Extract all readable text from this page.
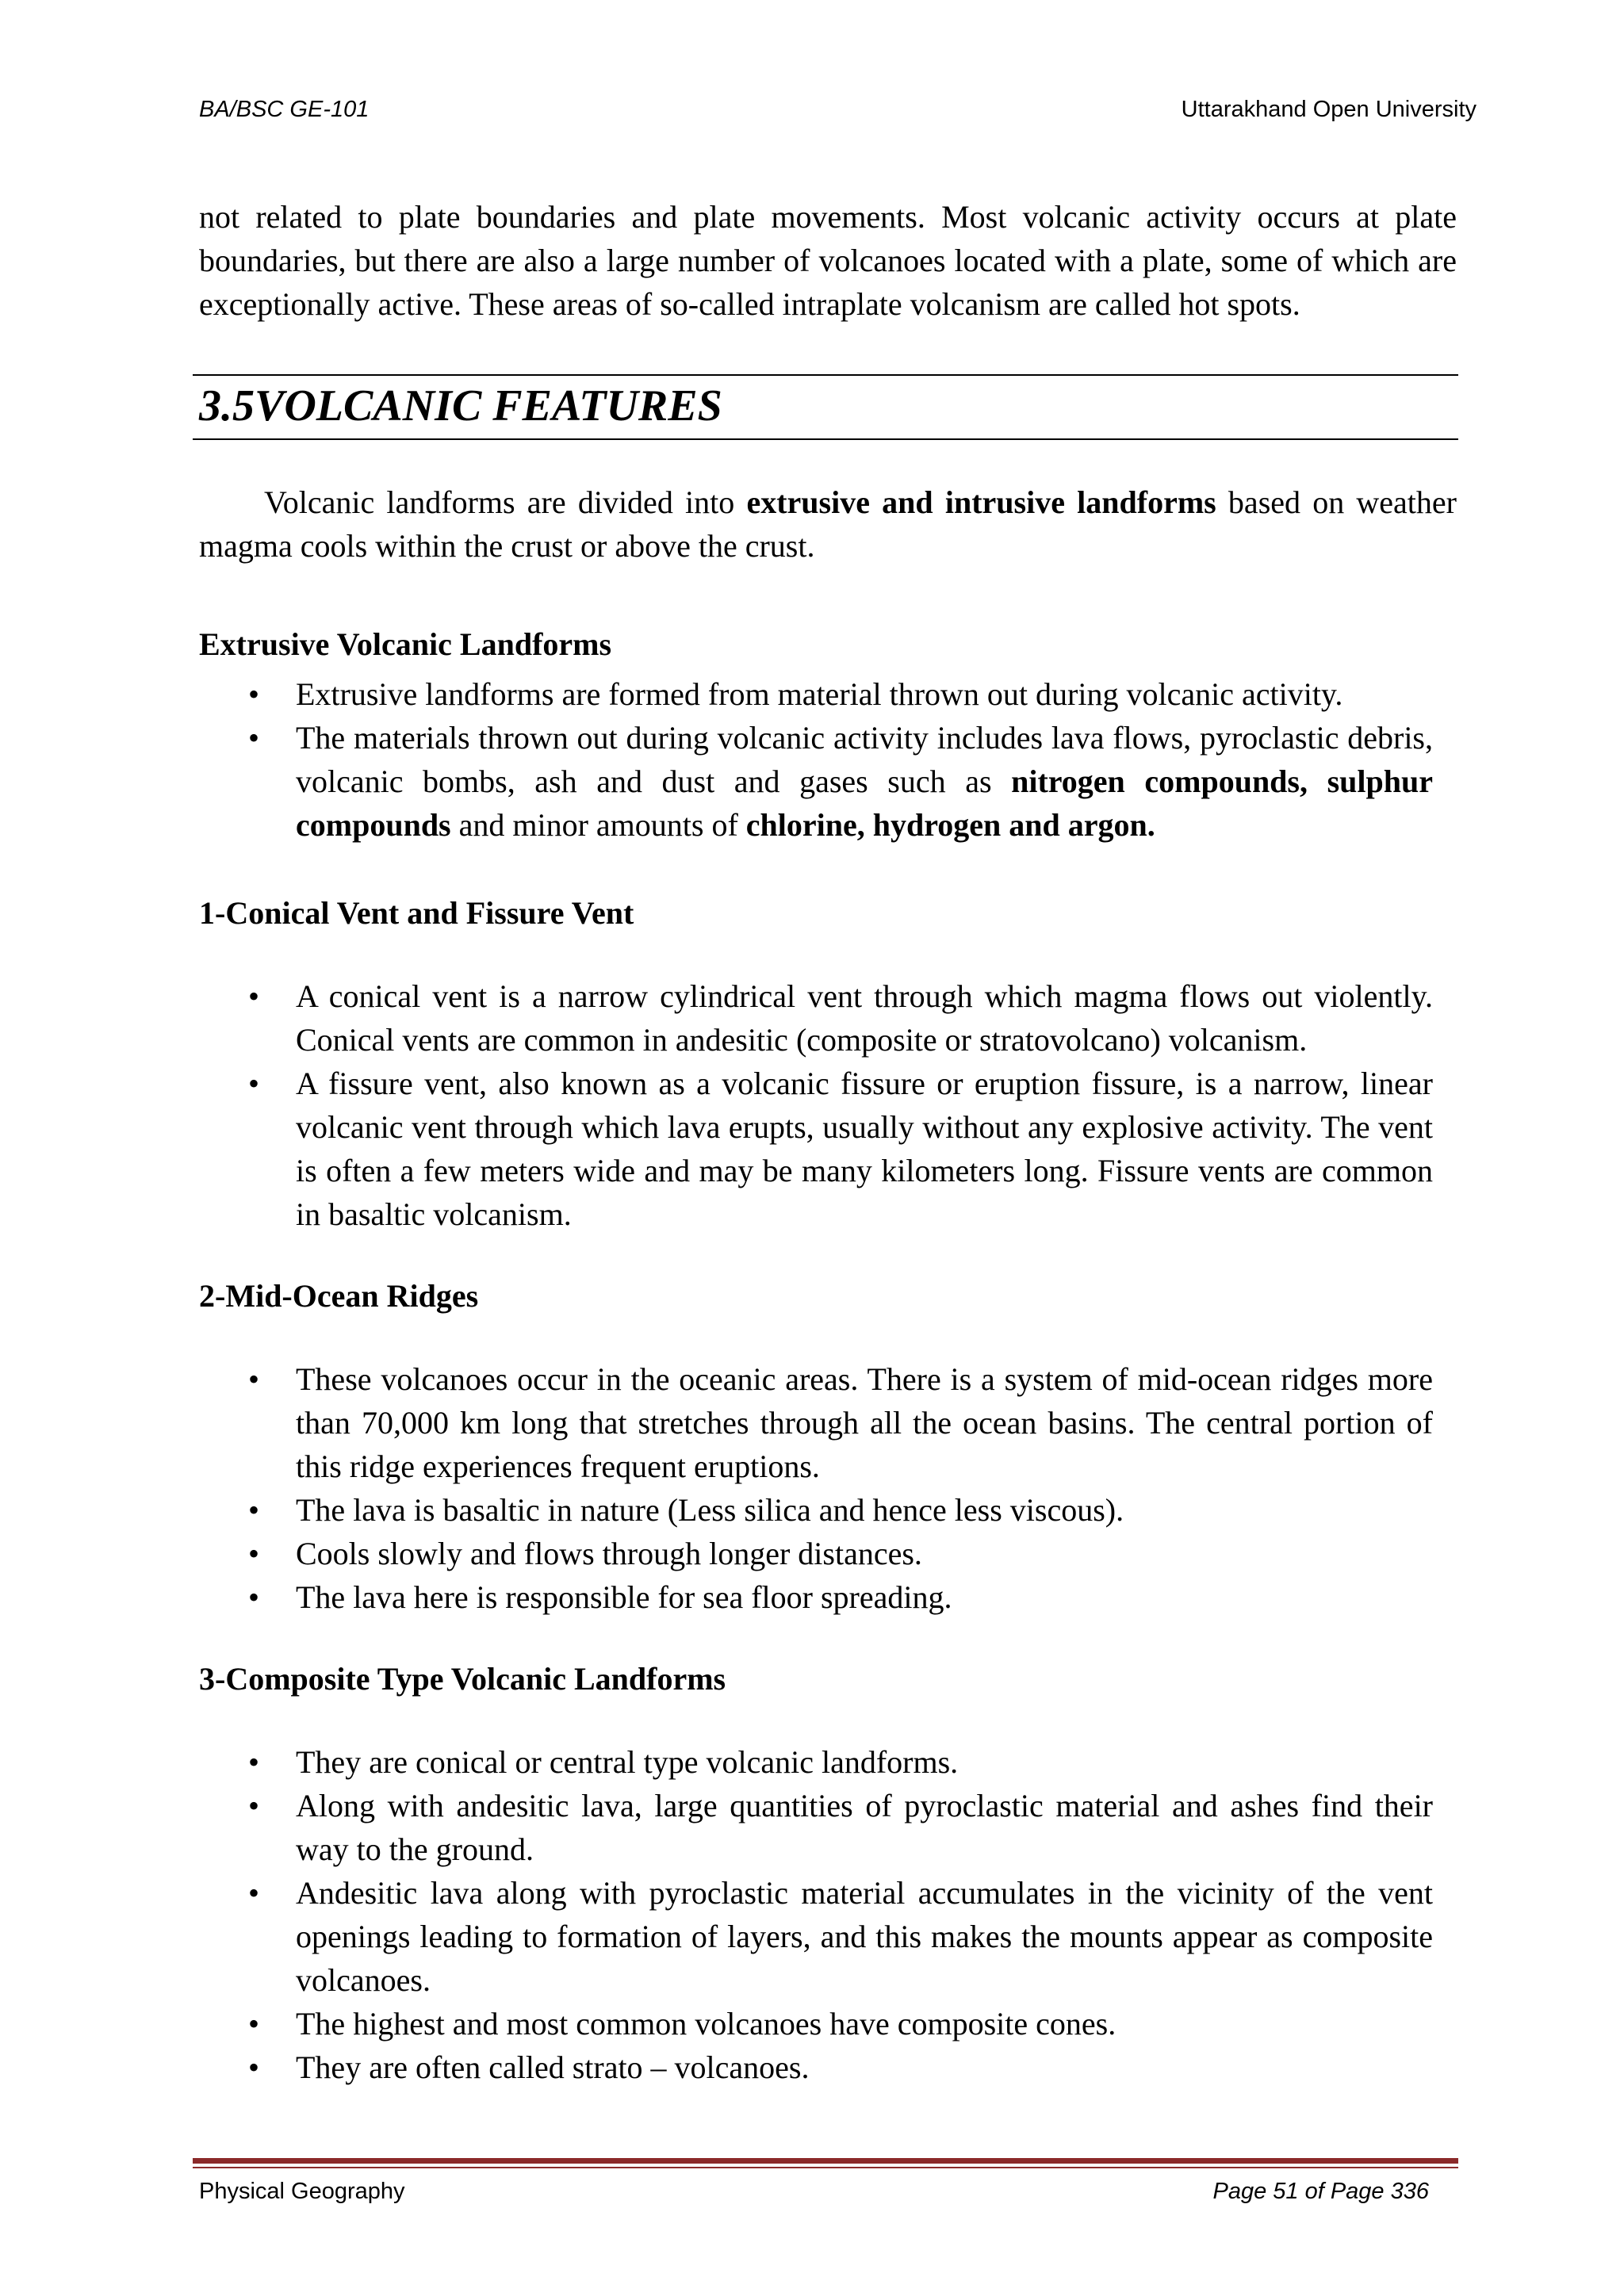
BA/BSC GE-101	Uttarakhand Open University

not related to plate boundaries and plate movements. Most volcanic activity occurs at plate boundaries, but there are also a large number of volcanoes located with a plate, some of which are exceptionally active. These areas of so-called intraplate volcanism are called hot spots.

3.5VOLCANIC FEATURES

Volcanic landforms are divided into extrusive and intrusive landforms based on weather magma cools within the crust or above the crust.

Extrusive Volcanic Landforms
• Extrusive landforms are formed from material thrown out during volcanic activity.
• The materials thrown out during volcanic activity includes lava flows, pyroclastic debris, volcanic bombs, ash and dust and gases such as nitrogen compounds, sulphur compounds and minor amounts of chlorine, hydrogen and argon.
1-Conical Vent and Fissure Vent
• A conical vent is a narrow cylindrical vent through which magma flows out violently. Conical vents are common in andesitic (composite or stratovolcano) volcanism.
• A fissure vent, also known as a volcanic fissure or eruption fissure, is a narrow, linear volcanic vent through which lava erupts, usually without any explosive activity. The vent is often a few meters wide and may be many kilometers long. Fissure vents are common in basaltic volcanism.
2-Mid-Ocean Ridges
• These volcanoes occur in the oceanic areas. There is a system of mid-ocean ridges more than 70,000 km long that stretches through all the ocean basins. The central portion of this ridge experiences frequent eruptions.
• The lava is basaltic in nature (Less silica and hence less viscous).
• Cools slowly and flows through longer distances.
• The lava here is responsible for sea floor spreading.
3-Composite Type Volcanic Landforms
• They are conical or central type volcanic landforms.
• Along with andesitic lava, large quantities of pyroclastic material and ashes find their way to the ground.
• Andesitic lava along with pyroclastic material accumulates in the vicinity of the vent openings leading to formation of layers, and this makes the mounts appear as composite volcanoes.
• The highest and most common volcanoes have composite cones.
• They are often called strato – volcanoes.
Physical Geography	Page 51 of Page 336
